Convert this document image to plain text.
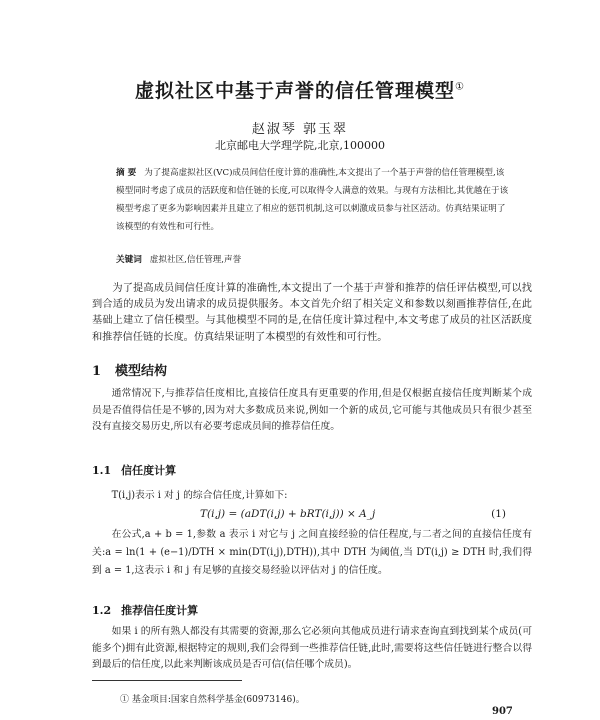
虚拟社区中基于声誉的信任管理模型①
赵淑琴 郭玉翠
北京邮电大学理学院,北京,100000
摘 要 为了提高虚拟社区(VC)成员间信任度计算的准确性,本文提出了一个基于声誉的信任管理模型,该模型同时考虑了成员的活跃度和信任链的长度,可以取得令人满意的效果。与现有方法相比,其优越在于该模型考虑了更多为影响因素并且建立了相应的惩罚机制,这可以刺激成员参与社区活动。仿真结果证明了该模型的有效性和可行性。
关键词 虚拟社区,信任管理,声誉
为了提高成员间信任度计算的准确性,本文提出了一个基于声誉和推荐的信任评估模型,可以找到合适的成员为发出请求的成员提供服务。本文首先介绍了相关定义和参数以刻画推荐信任,在此基础上建立了信任模型。与其他模型不同的是,在信任度计算过程中,本文考虑了成员的社区活跃度和推荐信任链的长度。仿真结果证明了本模型的有效性和可行性。
1 模型结构
通常情况下,与推荐信任度相比,直接信任度具有更重要的作用,但是仅根据直接信任度判断某个成员是否值得信任是不够的,因为对大多数成员来说,例如一个新的成员,它可能与其他成员只有很少甚至没有直接交易历史,所以有必要考虑成员间的推荐信任度。
1.1 信任度计算
T(i,j)表示 i 对 j 的综合信任度,计算如下:
T(i,j) = (aDT(i,j) + bRT(i,j)) × A_j	(1)
在公式,a + b = 1,参数 a 表示 i 对它与 j 之间直接经验的信任程度,与二者之间的直接信任度有关:a = ln(1 + (e−1)/DTH × min(DT(i,j),DTH)),其中 DTH 为阈值,当 DT(i,j) ≥ DTH 时,我们得到 a = 1,这表示 i 和 j 有足够的直接交易经验以评估对 j 的信任度。
1.2 推荐信任度计算
如果 i 的所有熟人都没有其需要的资源,那么它必须向其他成员进行请求查询直到找到某个成员(可能多个)拥有此资源,根据特定的规则,我们会得到一些推荐信任链,此时,需要将这些信任链进行整合以得到最后的信任度,以此来判断该成员是否可信(信任哪个成员)。
① 基金项目:国家自然科学基金(60973146)。
907
